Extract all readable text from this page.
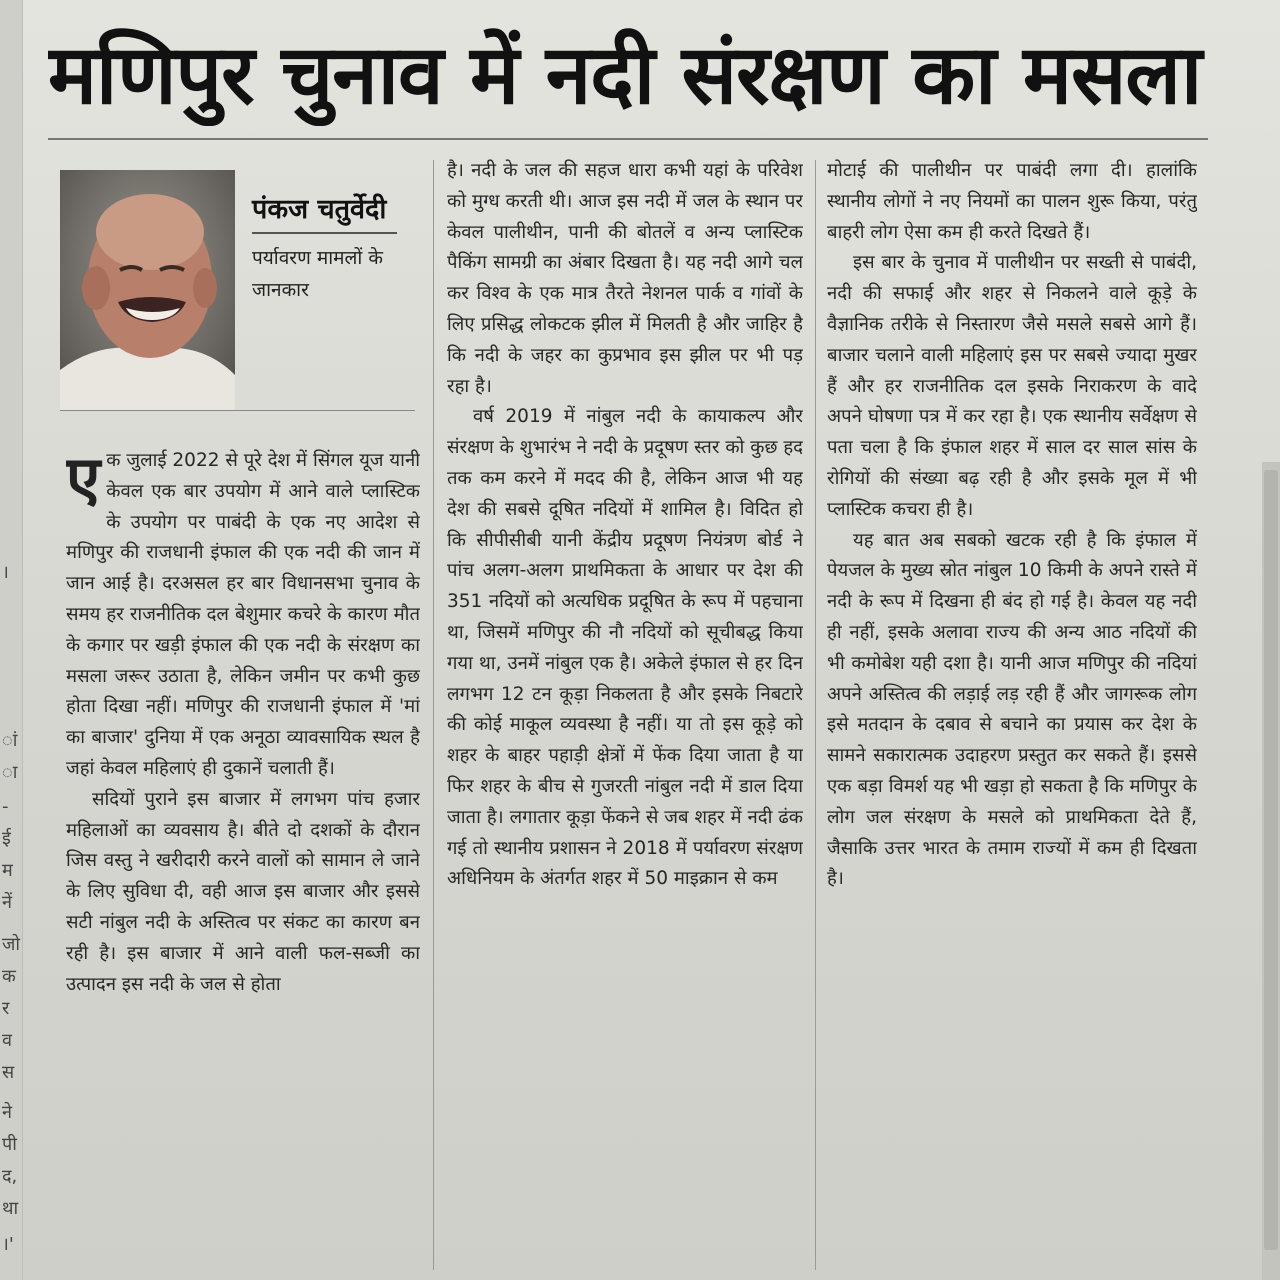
।
ां
ा
-
ई
म
नें
जो
क
र
व
स
ने
पी
द,
था
।'
मणिपुर चुनाव में नदी संरक्षण का मसला
पंकज चतुर्वेदी
पर्यावरण मामलों के जानकार

एक जुलाई 2022 से पूरे देश में सिंगल यूज यानी केवल एक बार उपयोग में आने वाले प्लास्टिक के उपयोग पर पाबंदी के एक नए आदेश से मणिपुर की राजधानी इंफाल की एक नदी की जान में जान आई है। दरअसल हर बार विधानसभा चुनाव के समय हर राजनीतिक दल बेशुमार कचरे के कारण मौत के कगार पर खड़ी इंफाल की एक नदी के संरक्षण का मसला जरूर उठाता है, लेकिन जमीन पर कभी कुछ होता दिखा नहीं। मणिपुर की राजधानी इंफाल में 'मां का बाजार' दुनिया में एक अनूठा व्यावसायिक स्थल है जहां केवल महिलाएं ही दुकानें चलाती हैं।

सदियों पुराने इस बाजार में लगभग पांच हजार महिलाओं का व्यवसाय है। बीते दो दशकों के दौरान जिस वस्तु ने खरीदारी करने वालों को सामान ले जाने के लिए सुविधा दी, वही आज इस बाजार और इससे सटी नांबुल नदी के अस्तित्व पर संकट का कारण बन रही है। इस बाजार में आने वाली फल-सब्जी का उत्पादन इस नदी के जल से होता

है। नदी के जल की सहज धारा कभी यहां के परिवेश को मुग्ध करती थी। आज इस नदी में जल के स्थान पर केवल पालीथीन, पानी की बोतलें व अन्य प्लास्टिक पैकिंग सामग्री का अंबार दिखता है। यह नदी आगे चल कर विश्व के एक मात्र तैरते नेशनल पार्क व गांवों के लिए प्रसिद्ध लोकटक झील में मिलती है और जाहिर है कि नदी के जहर का कुप्रभाव इस झील पर भी पड़ रहा है।

वर्ष 2019 में नांबुल नदी के कायाकल्प और संरक्षण के शुभारंभ ने नदी के प्रदूषण स्तर को कुछ हद तक कम करने में मदद की है, लेकिन आज भी यह देश की सबसे दूषित नदियों में शामिल है। विदित हो कि सीपीसीबी यानी केंद्रीय प्रदूषण नियंत्रण बोर्ड ने पांच अलग-अलग प्राथमिकता के आधार पर देश की 351 नदियों को अत्यधिक प्रदूषित के रूप में पहचाना था, जिसमें मणिपुर की नौ नदियों को सूचीबद्ध किया गया था, उनमें नांबुल एक है। अकेले इंफाल से हर दिन लगभग 12 टन कूड़ा निकलता है और इसके निबटारे की कोई माकूल व्यवस्था है नहीं। या तो इस कूड़े को शहर के बाहर पहाड़ी क्षेत्रों में फेंक दिया जाता है या फिर शहर के बीच से गुजरती नांबुल नदी में डाल दिया जाता है। लगातार कूड़ा फेंकने से जब शहर में नदी ढंक गई तो स्थानीय प्रशासन ने 2018 में पर्यावरण संरक्षण अधिनियम के अंतर्गत शहर में 50 माइक्रान से कम

मोटाई की पालीथीन पर पाबंदी लगा दी। हालांकि स्थानीय लोगों ने नए नियमों का पालन शुरू किया, परंतु बाहरी लोग ऐसा कम ही करते दिखते हैं।

इस बार के चुनाव में पालीथीन पर सख्ती से पाबंदी, नदी की सफाई और शहर से निकलने वाले कूड़े के वैज्ञानिक तरीके से निस्तारण जैसे मसले सबसे आगे हैं। बाजार चलाने वाली महिलाएं इस पर सबसे ज्यादा मुखर हैं और हर राजनीतिक दल इसके निराकरण के वादे अपने घोषणा पत्र में कर रहा है। एक स्थानीय सर्वेक्षण से पता चला है कि इंफाल शहर में साल दर साल सांस के रोगियों की संख्या बढ़ रही है और इसके मूल में भी प्लास्टिक कचरा ही है।

यह बात अब सबको खटक रही है कि इंफाल में पेयजल के मुख्य स्रोत नांबुल 10 किमी के अपने रास्ते में नदी के रूप में दिखना ही बंद हो गई है। केवल यह नदी ही नहीं, इसके अलावा राज्य की अन्य आठ नदियों की भी कमोबेश यही दशा है। यानी आज मणिपुर की नदियां अपने अस्तित्व की लड़ाई लड़ रही हैं और जागरूक लोग इसे मतदान के दबाव से बचाने का प्रयास कर देश के सामने सकारात्मक उदाहरण प्रस्तुत कर सकते हैं। इससे एक बड़ा विमर्श यह भी खड़ा हो सकता है कि मणिपुर के लोग जल संरक्षण के मसले को प्राथमिकता देते हैं, जैसाकि उत्तर भारत के तमाम राज्यों में कम ही दिखता है।
